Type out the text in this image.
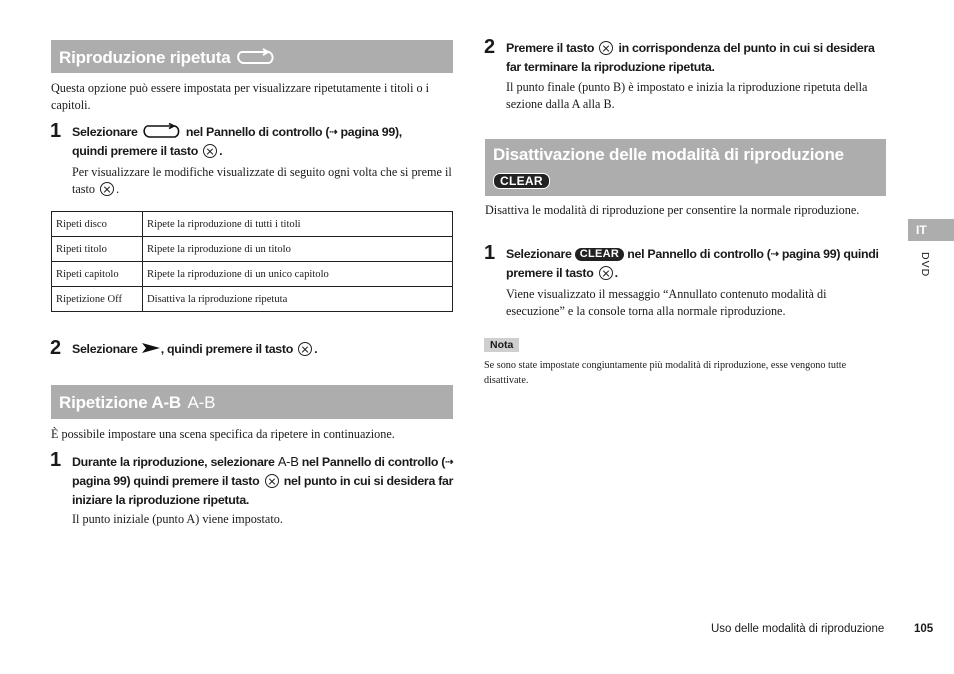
Riproduzione ripetuta
Questa opzione può essere impostata per visualizzare ripetutamente i titoli o i capitoli.
1 Selezionare	nel Pannello di controllo (⇢ pagina 99),
quindi premere il tasto .
Per visualizzare le modifiche visualizzate di seguito ogni volta che si preme il tasto .
Ripeti disco	Ripete la riproduzione di tutti i titoli
Ripeti titolo	Ripete la riproduzione di un titolo
Ripeti capitolo	Ripete la riproduzione di un unico capitolo
Ripetizione Off	Disattiva la riproduzione ripetuta
2 Selezionare , quindi premere il tasto .
Ripetizione A-B A-B
È possibile impostare una scena specifica da ripetere in continuazione.
1 Durante la riproduzione, selezionare A-B nel Pannello di controllo (⇢ pagina 99) quindi premere il tasto nel punto in cui si desidera far iniziare la riproduzione ripetuta.
Il punto iniziale (punto A) viene impostato.
2 Premere il tasto in corrispondenza del punto in cui si desidera far terminare la riproduzione ripetuta.
Il punto finale (punto B) è impostato e inizia la riproduzione ripetuta della sezione dalla A alla B.
Disattivazione delle modalità di riproduzione
CLEAR
Disattiva le modalità di riproduzione per consentire la normale riproduzione.
1 Selezionare CLEAR nel Pannello di controllo (⇢ pagina 99) quindi premere il tasto .
Viene visualizzato il messaggio “Annullato contenuto modalità di esecuzione” e la console torna alla normale riproduzione.
Nota
Se sono state impostate congiuntamente più modalità di riproduzione, esse vengono tutte disattivate.
IT
DVD
Uso delle modalità di riproduzione	105
